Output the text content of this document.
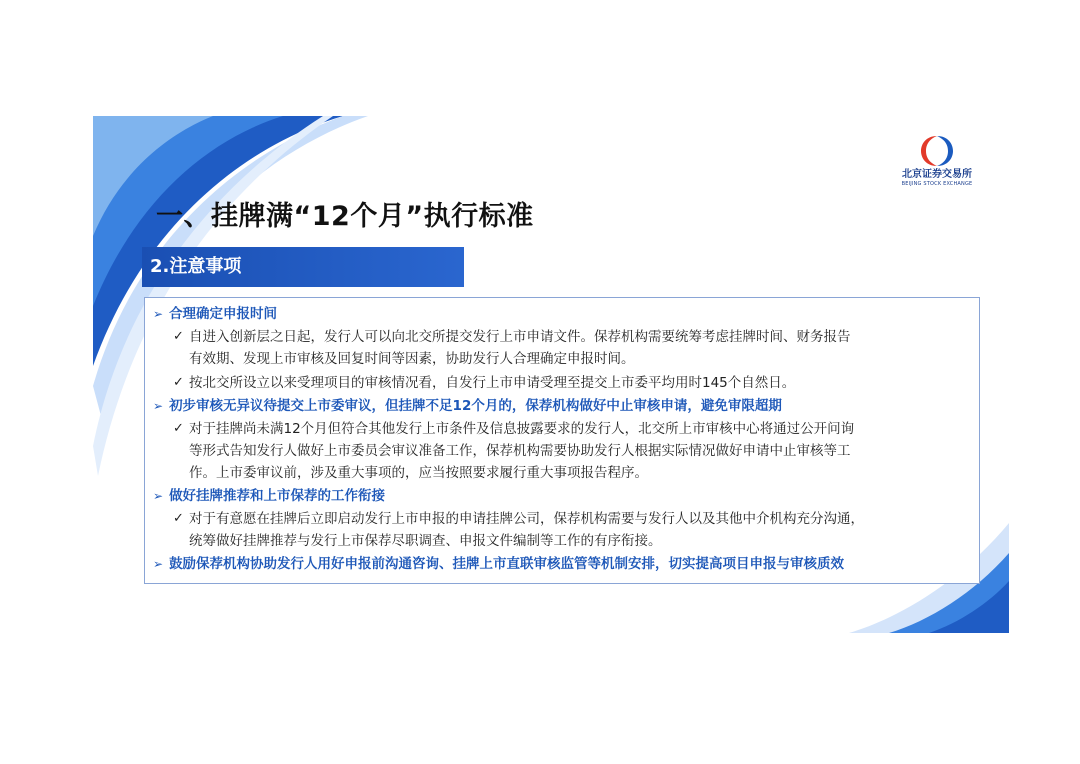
北京证券交易所
BEIJING STOCK EXCHANGE
一、挂牌满“12个月”执行标准
2.注意事项
➢ 合理确定申报时间
✓ 自进入创新层之日起，发行人可以向北交所提交发行上市申请文件。保荐机构需要统筹考虑挂牌时间、财务报告
有效期、发现上市审核及回复时间等因素，协助发行人合理确定申报时间。
✓ 按北交所设立以来受理项目的审核情况看，自发行上市申请受理至提交上市委平均用时145个自然日。
➢ 初步审核无异议待提交上市委审议，但挂牌不足12个月的，保荐机构做好中止审核申请，避免审限超期
✓ 对于挂牌尚未满12个月但符合其他发行上市条件及信息披露要求的发行人，北交所上市审核中心将通过公开问询
等形式告知发行人做好上市委员会审议准备工作，保荐机构需要协助发行人根据实际情况做好申请中止审核等工
作。上市委审议前，涉及重大事项的，应当按照要求履行重大事项报告程序。
➢ 做好挂牌推荐和上市保荐的工作衔接
✓ 对于有意愿在挂牌后立即启动发行上市申报的申请挂牌公司，保荐机构需要与发行人以及其他中介机构充分沟通，
统筹做好挂牌推荐与发行上市保荐尽职调查、申报文件编制等工作的有序衔接。
➢ 鼓励保荐机构协助发行人用好申报前沟通咨询、挂牌上市直联审核监管等机制安排，切实提高项目申报与审核质效
